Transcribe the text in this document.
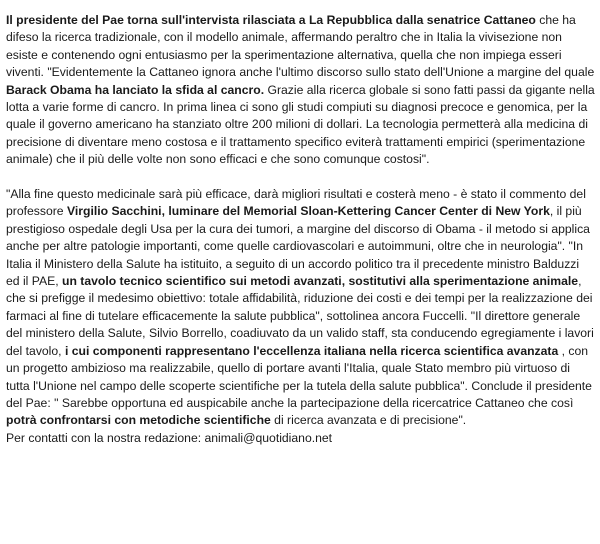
Il presidente del Pae torna sull'intervista rilasciata a La Repubblica dalla senatrice Cattaneo che ha difeso la ricerca tradizionale, con il modello animale, affermando peraltro che in Italia la vivisezione non esiste e contenendo ogni entusiasmo per la sperimentazione alternativa, quella che non impiega esseri viventi. "Evidentemente la Cattaneo ignora anche l'ultimo discorso sullo stato dell'Unione a margine del quale Barack Obama ha lanciato la sfida al cancro. Grazie alla ricerca globale si sono fatti passi da gigante nella lotta a varie forme di cancro. In prima linea ci sono gli studi compiuti su diagnosi precoce e genomica, per la quale il governo americano ha stanziato oltre 200 milioni di dollari. La tecnologia permetterà alla medicina di precisione di diventare meno costosa e il trattamento specifico eviterà trattamenti empirici (sperimentazione animale) che il più delle volte non sono efficaci e che sono comunque costosi".

"Alla fine questo medicinale sarà più efficace, darà migliori risultati e costerà meno - è stato il commento del professore Virgilio Sacchini, luminare del Memorial Sloan-Kettering Cancer Center di New York, il più prestigioso ospedale degli Usa per la cura dei tumori, a margine del discorso di Obama - il metodo si applica anche per altre patologie importanti, come quelle cardiovascolari e autoimmuni, oltre che in neurologia". "In Italia il Ministero della Salute ha istituito, a seguito di un accordo politico tra il precedente ministro Balduzzi ed il PAE, un tavolo tecnico scientifico sui metodi avanzati, sostitutivi alla sperimentazione animale, che si prefigge il medesimo obiettivo: totale affidabilità, riduzione dei costi e dei tempi per la realizzazione dei farmaci al fine di tutelare efficacemente la salute pubblica", sottolinea ancora Fuccelli. "Il direttore generale del ministero della Salute, Silvio Borrello, coadiuvato da un valido staff, sta conducendo egregiamente i lavori del tavolo, i cui componenti rappresentano l'eccellenza italiana nella ricerca scientifica avanzata , con un progetto ambizioso ma realizzabile, quello di portare avanti l'Italia, quale Stato membro più virtuoso di tutta l'Unione nel campo delle scoperte scientifiche per la tutela della salute pubblica". Conclude il presidente del Pae: " Sarebbe opportuna ed auspicabile anche la partecipazione della ricercatrice Cattaneo che così potrà confrontarsi con metodiche scientifiche di ricerca avanzata e di precisione".

Per contatti con la nostra redazione: animali@quotidiano.net
